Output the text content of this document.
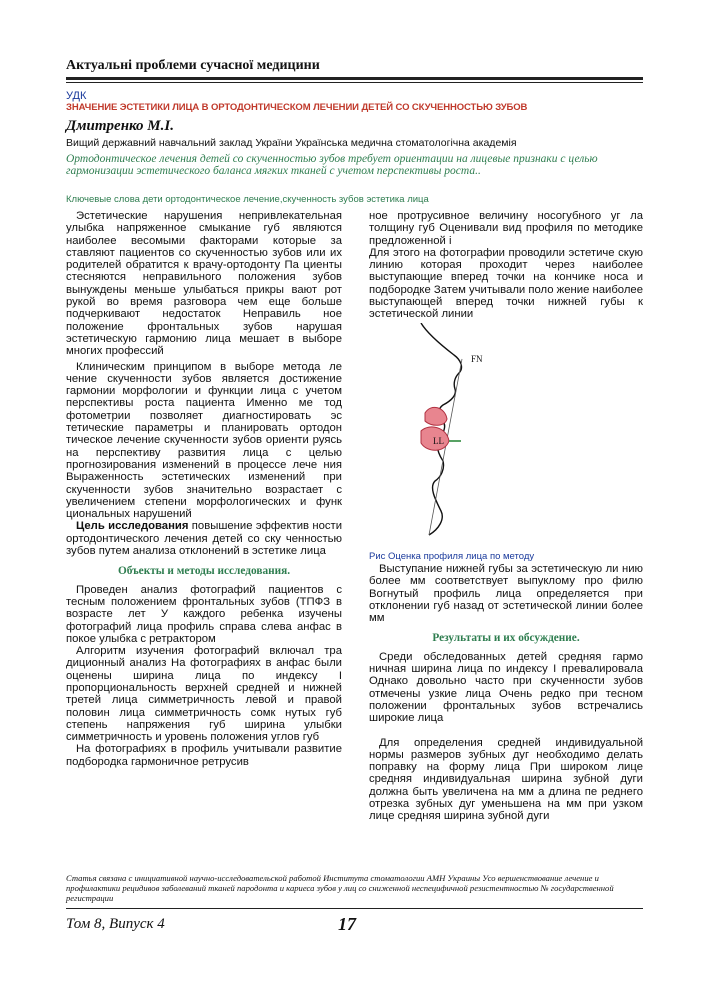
Актуальні проблеми сучасної медицини
УДК
ЗНАЧЕНИЕ ЭСТЕТИКИ ЛИЦА В ОРТОДОНТИЧЕСКОМ ЛЕЧЕНИИ ДЕТЕЙ СО СКУЧЕННОСТЬЮ ЗУБОВ
Дмитренко М.І.
Вищий державний навчальний заклад України Українська медична стоматологічна академія
Ортодонтическое лечения детей со скученностью зубов требует ориентации на лицевые признаки с целью гармонизации эстетического баланса мягких тканей с учетом перспективы роста..
Ключевые слова дети ортодонтическое лечение,скученность зубов эстетика лица

Эстетические нарушения непривлекательная улыбка напряженное смыкание губ являются наиболее весомыми факторами которые за ставляют пациентов со скученностью зубов или их родителей обратится к врачу-ортодонту Па циенты стесняются неправильного положения зубов вынуждены меньше улыбаться прикры вают рот рукой во время разговора чем еще больше подчеркивают недостаток Неправиль ное положение фронтальных зубов нарушая эстетическую гармонию лица мешает в выборе многих профессий

Клиническим принципом в выборе метода ле чение скученности зубов является достижение гармонии морфологии и функции лица с учетом перспективы роста пациента Именно ме тод фотометрии позволяет диагностировать эс тетические параметры и планировать ортодон тическое лечение скученности зубов ориенти руясь на перспективу развития лица с целью прогнозирования изменений в процессе лече ния Выраженность эстетических изменений при скученности зубов значительно возрастает с увеличением степени морфологических и функ циональных нарушений

Цель исследования повышение эффектив ности ортодонтического лечения детей со ску ченностью зубов путем анализа отклонений в эстетике лица

Объекты и методы исследования.

Проведен анализ фотографий пациентов с тесным положением фронтальных зубов (ТПФЗ в возрасте лет У каждого ребенка изучены фотографий лица профиль справа слева анфас в покое улыбка с ретрактором

Алгоритм изучения фотографий включал тра диционный анализ На фотографиях в анфас были оценены ширина лица по индексу І пропорциональность верхней средней и нижней третей лица симметричность левой и правой половин лица симметричность сомк нутых губ степень напряжения губ ширина улыбки симметричность и уровень положения углов губ

На фотографиях в профиль учитывали развитие подбородка гармоничное ретрусив

ное протрусивное величину носогубного уг ла толщину губ Оценивали вид профиля по методике предложенной і

Для этого на фотографии проводили эстетиче скую линию которая проходит через наиболее выступающие вперед точки на кончике носа и подбородке Затем учитывали поло жение наиболее выступающей вперед точки нижней губы к эстетической линии

FN
LL

Рис Оценка профиля лица по методу

Выступание нижней губы за эстетическую ли нию более мм соответствует выпуклому про филю Вогнутый профиль лица определяется при отклонении губ назад от эстетической линии более мм

Результаты и их обсуждение.

Среди обследованных детей средняя гармо ничная ширина лица по индексу І превалировала Однако довольно часто при скученности зубов отмечены узкие лица Очень редко при тесном положении фронтальных зубов встречались широкие лица

Для определения средней индивидуальной нормы размеров зубных дуг необходимо делать поправку на форму лица При широком лице средняя индивидуальная ширина зубной дуги должна быть увеличена на мм а длина пе реднего отрезка зубных дуг уменьшена на мм при узком лице средняя ширина зубной дуги

Статья связана с инициативной научно-исследовательской работой Института стоматологии АМН Украины Усо вершенствование лечение и профилактики рецидивов заболеваний тканей пародонта и кариеса зубов у лиц со сниженной неспецифичной резистентностью № государственной регистрации
Том 8, Випуск 4	17
